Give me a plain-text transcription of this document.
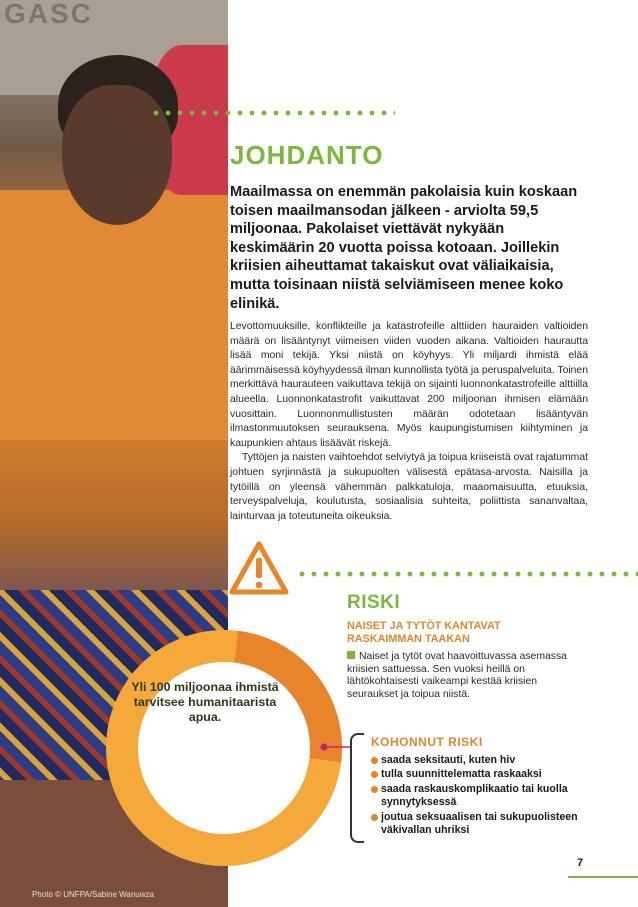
GASC
Photo © UNFPA/Sabine Wanuwza
JOHDANTO

Maailmassa on enemmän pakolaisia kuin koskaan toisen maailmansodan jälkeen - arviolta 59,5 miljoonaa. Pakolaiset viettävät nykyään keskimäärin 20 vuotta poissa kotoaan. Joillekin kriisien aiheuttamat takaiskut ovat väliaikaisia, mutta toisinaan niistä selviämiseen menee koko elinikä.

Levottomuuksille, konflikteille ja katastrofeille alttiiden hauraiden valtioiden määrä on lisääntynyt viimeisen viiden vuoden aikana. Valtioiden haurautta lisää moni tekijä. Yksi niistä on köyhyys. Yli miljardi ihmistä elää äärimmäisessä köyhyydessä ilman kunnollista työtä ja peruspalveluita. Toinen merkittävä haurauteen vaikuttava tekijä on sijainti luonnonkatastrofeille alttiilla alueella. Luonnonkatastrofit vaikuttavat 200 miljoonan ihmisen elämään vuosittain. Luonnonmullistusten määrän odotetaan lisääntyvän ilmastonmuutoksen seurauksena. Myös kaupungistumisen kiihtyminen ja kaupunkien ahtaus lisäävät riskejä.

Tyttöjen ja naisten vaihtoehdot selviytyä ja toipua kriiseistä ovat rajatummat johtuen syrjinnästä ja sukupuolten välisestä epätasa-arvosta. Naisilla ja tytöillä on yleensä vähemmän palkkatuloja, maaomaisuutta, etuuksia, terveyspalveluja, koulutusta, sosiaalisia suhteita, poliittista sananvaltaa, lainturvaa ja toteutuneita oikeuksia.

Yli 100 miljoonaa ihmistä tarvitsee humanitaarista apua.
JOKA NELJÄS AVUN TARVITSIJA ON 15–49-VUOTIAS TYTTÖ TAI NAINEN.
RISKI
NAISET JA TYTÖT KANTAVAT RASKAIMMAN TAAKAN
Naiset ja tytöt ovat haavoittuvassa asemassa kriisien sattuessa. Sen vuoksi heillä on lähtökohtaisesti vaikeampi kestää kriisien seuraukset ja toipua niistä.
KOHONNUT RISKI
saada seksitauti, kuten hiv
tulla suunnittelematta raskaaksi
saada raskauskomplikaatio tai kuolla synnytyksessä
joutua seksuaalisen tai sukupuolisteen väkivallan uhriksi
7
